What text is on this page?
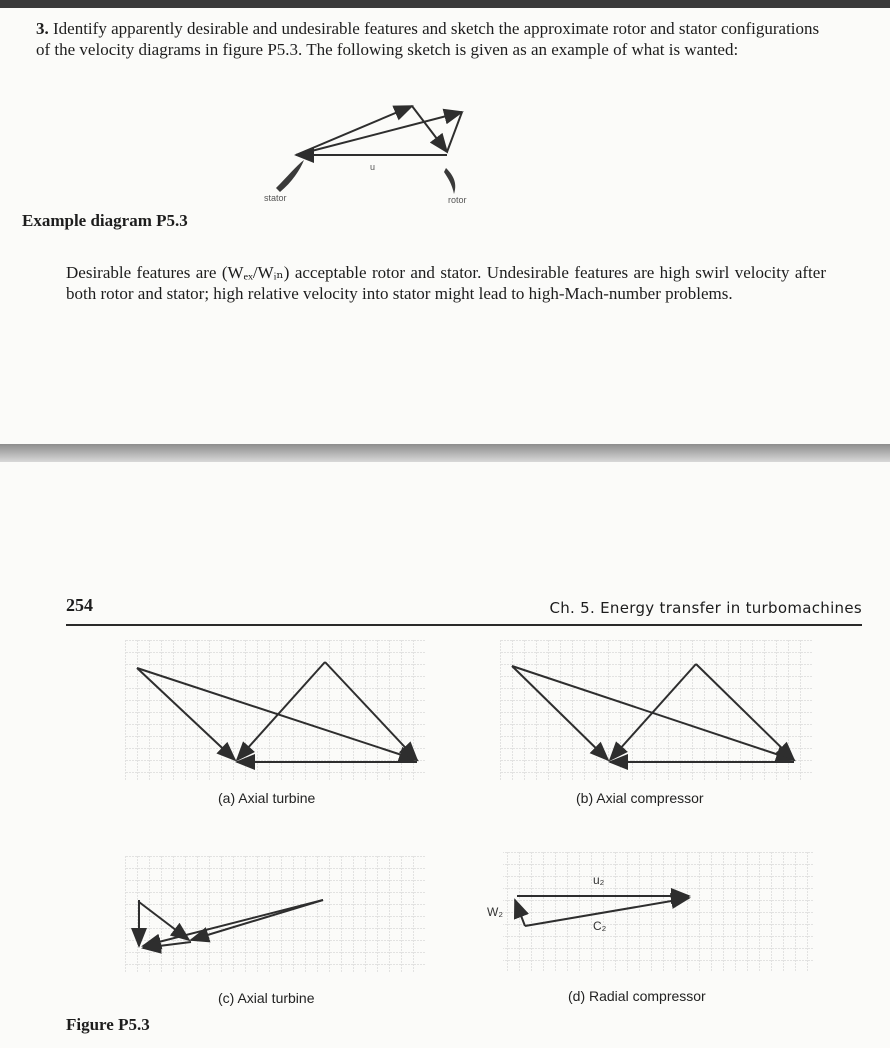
3. Identify apparently desirable and undesirable features and sketch the approximate rotor and stator configurations of the velocity diagrams in figure P5.3. The following sketch is given as an example of what is wanted:
stator	rotor
u
Example diagram P5.3
Desirable features are (Wₑₓ/Wᵢₙ) acceptable rotor and stator. Undesirable features are high swirl velocity after both rotor and stator; high relative velocity into stator might lead to high-Mach-number problems.
254	Ch. 5. Energy transfer in turbomachines
(a) Axial turbine	(b) Axial compressor
(c) Axial turbine
u₂
C₂
W₂
(d) Radial compressor
Figure P5.3
